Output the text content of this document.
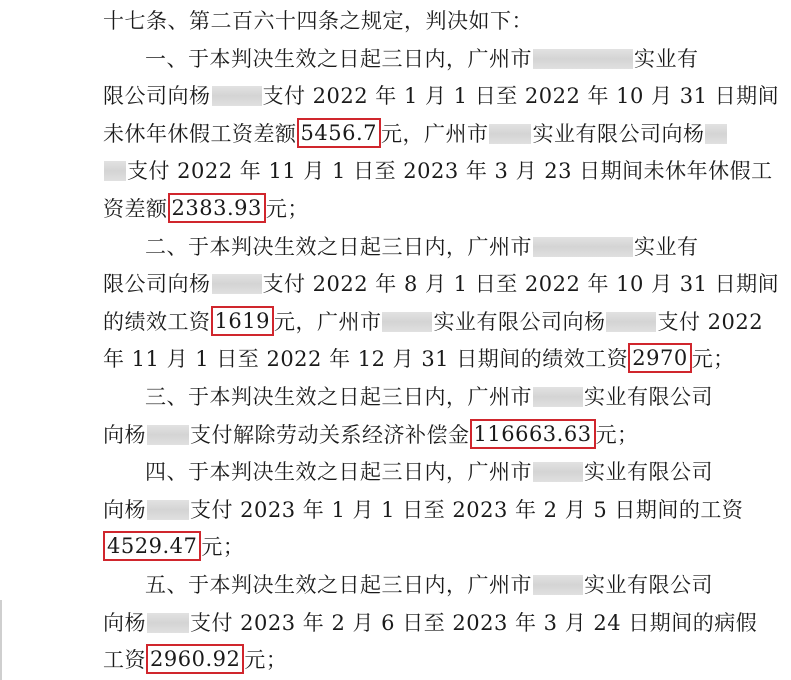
十七条、第二百六十四条之规定，判决如下：
一、于本判决生效之日起三日内，广州市	实业有
限公司向杨 支付 2022 年 1 月 1 日至 2022 年 10 月 31 日期间
未休年休假工资差额 5456.7 元，广州市 实业有限公司向杨
支付 2022 年 11 月 1 日至 2023 年 3 月 23 日期间未休年休假工
资差额 2383.93 元；
二、于本判决生效之日起三日内，广州市	实业有
限公司向杨 支付 2022 年 8 月 1 日至 2022 年 10 月 31 日期间
的绩效工资 1619 元，广州市 实业有限公司向杨 支付 2022
年 11 月 1 日至 2022 年 12 月 31 日期间的绩效工资 2970 元；
三、于本判决生效之日起三日内，广州市 实业有限公司
向杨 支付解除劳动关系经济补偿金 116663.63 元；
四、于本判决生效之日起三日内，广州市 实业有限公司
向杨 支付 2023 年 1 月 1 日至 2023 年 2 月 5 日期间的工资
4529.47 元；
五、于本判决生效之日起三日内，广州市 实业有限公司
向杨 支付 2023 年 2 月 6 日至 2023 年 3 月 24 日期间的病假
工资 2960.92 元；
